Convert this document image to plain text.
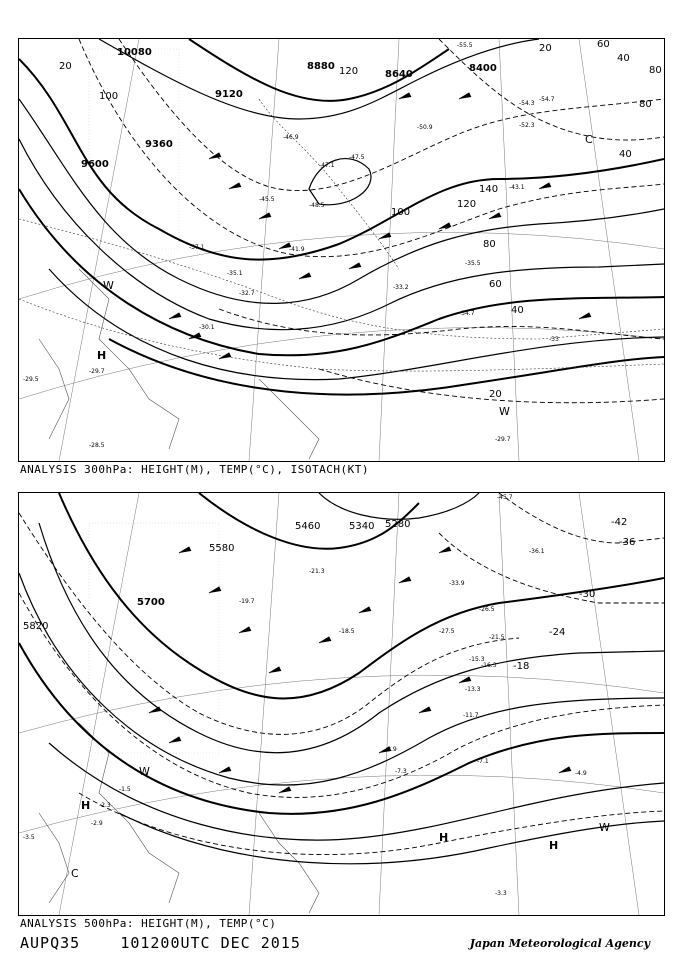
10080
9360
9600
9120
8880
8640
8400
100
120
140
120
100
80
60
40
20
20
40
60
80
80
40
20
-46.9
-47.1
-47.5
-48.5
-45.5
-43.1
-41.9
-37.1
-35.1
-32.7
-30.1
-33.2
-35.5
-34.7
-55.5
-54.3
-54.7
-52.3
-50.9
-29.7
-29.7
-29.5
-28.5
-33
H
W
W
C
ANALYSIS 300hPa: HEIGHT(M), TEMP(°C), ISOTACH(KT)
5460	5340 5280
5580
5700
5820
-42
-36
-30
-24
-18
-45.7
-36.1
-33.9
-26.5
-21.5
-18.5
-15.3
-13.3
-11.7
-8.9
-7.3
-7.1
-4.9
-3.5
-3.3
-2.9
-2.3
-1.5
-19.7
-21.3
-27.5
-16.3
H
H
H
W
W
C
ANALYSIS 500hPa: HEIGHT(M), TEMP(°C)
AUPQ35	101200UTC DEC 2015	Japan Meteorological Agency
